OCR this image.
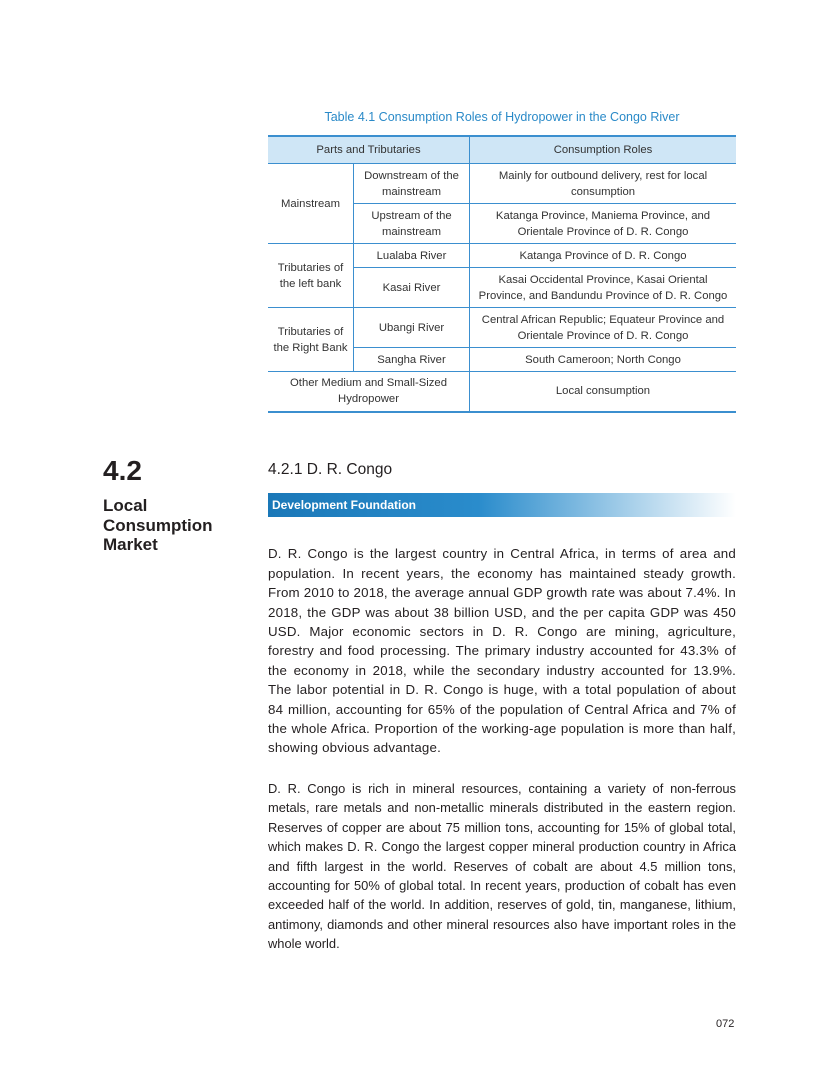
Table 4.1 Consumption Roles of Hydropower in the Congo River
Parts and Tributaries		Consumption Roles
Mainstream	Downstream of the mainstream	Mainly for outbound delivery, rest for local consumption
	Upstream of the mainstream	Katanga Province, Maniema Province, and Orientale Province of D. R. Congo
Tributaries of the left bank	Lualaba River	Katanga Province of D. R. Congo
	Kasai River	Kasai Occidental Province, Kasai Oriental Province, and Bandundu Province of D. R. Congo
Tributaries of the Right Bank	Ubangi River	Central African Republic; Equateur Province and Orientale Province of D. R. Congo
	Sangha River	South Cameroon; North Congo
Other Medium and Small-Sized Hydropower		Local consumption
4.2
Local Consumption Market
4.2.1 D. R. Congo
Development Foundation

D. R. Congo is the largest country in Central Africa, in terms of area and population. In recent years, the economy has maintained steady growth. From 2010 to 2018, the average annual GDP growth rate was about 7.4%. In 2018, the GDP was about 38 billion USD, and the per capita GDP was 450 USD. Major economic sectors in D. R. Congo are mining, agriculture, forestry and food processing. The primary industry accounted for 43.3% of the economy in 2018, while the secondary industry accounted for 13.9%. The labor potential in D. R. Congo is huge, with a total population of about 84 million, accounting for 65% of the population of Central Africa and 7% of the whole Africa. Proportion of the working-age population is more than half, showing obvious advantage.

D. R. Congo is rich in mineral resources, containing a variety of non-ferrous metals, rare metals and non-metallic minerals distributed in the eastern region. Reserves of copper are about 75 million tons, accounting for 15% of global total, which makes D. R. Congo the largest copper mineral production country in Africa and fifth largest in the world. Reserves of cobalt are about 4.5 million tons, accounting for 50% of global total. In recent years, production of cobalt has even exceeded half of the world. In addition, reserves of gold, tin, manganese, lithium, antimony, diamonds and other mineral resources also have important roles in the whole world.

072
